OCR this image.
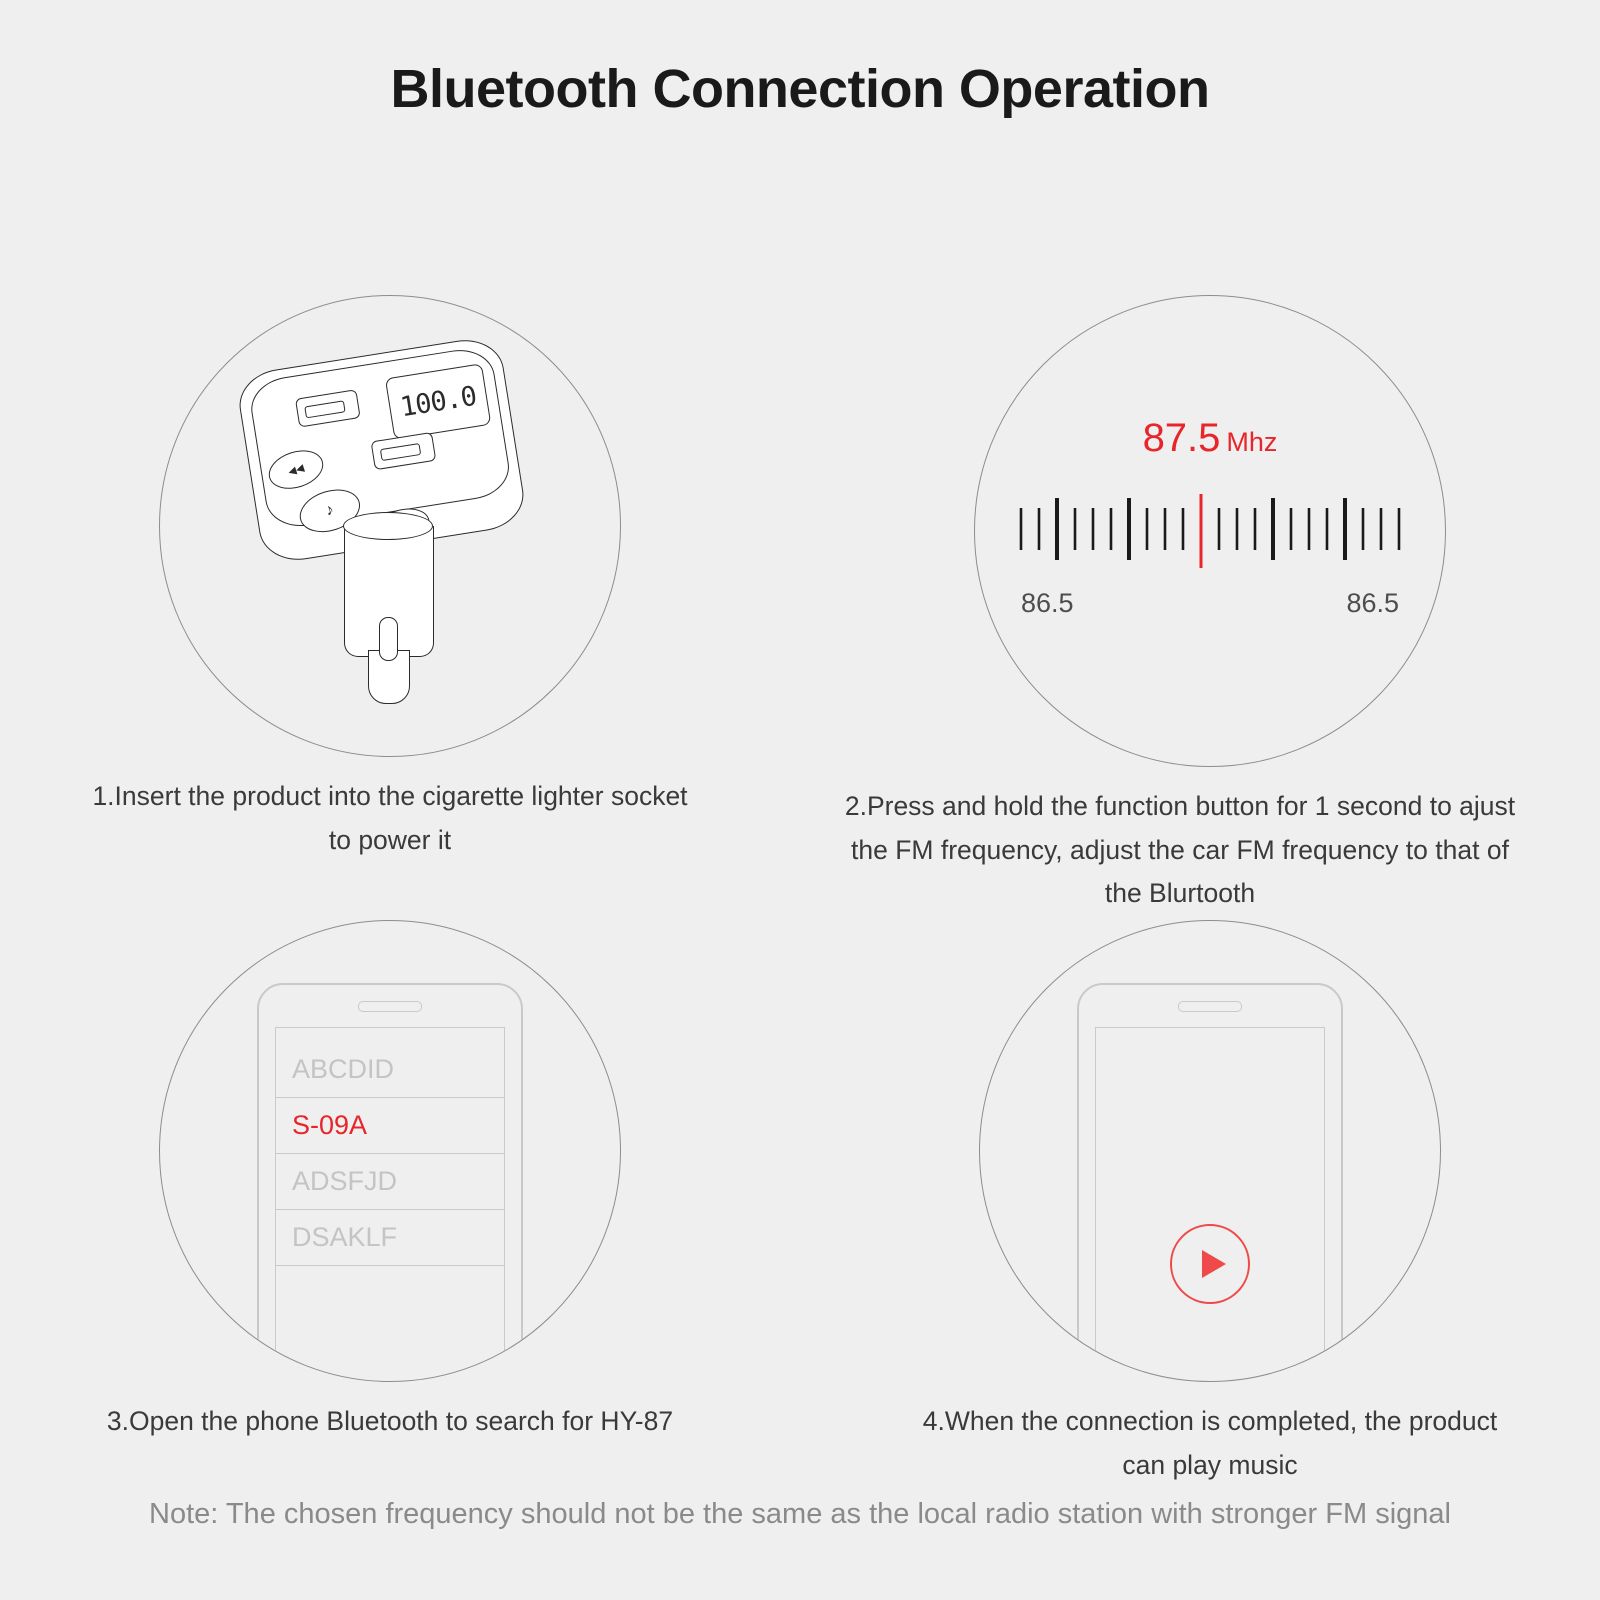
Bluetooth Connection Operation
100.0
◂◂
♪
1.Insert the product into the cigarette lighter socket to power it
87.5 Mhz
86.5	86.5
2.Press and hold the function button for 1 second to ajust the FM frequency, adjust the car FM frequency to that of the Blurtooth
ABCDID
S-09A
ADSFJD
DSAKLF
3.Open the phone Bluetooth to search for HY-87	4.When the connection is completed, the product can play music
Note: The chosen frequency should not be the same as the local radio station with stronger FM signal
